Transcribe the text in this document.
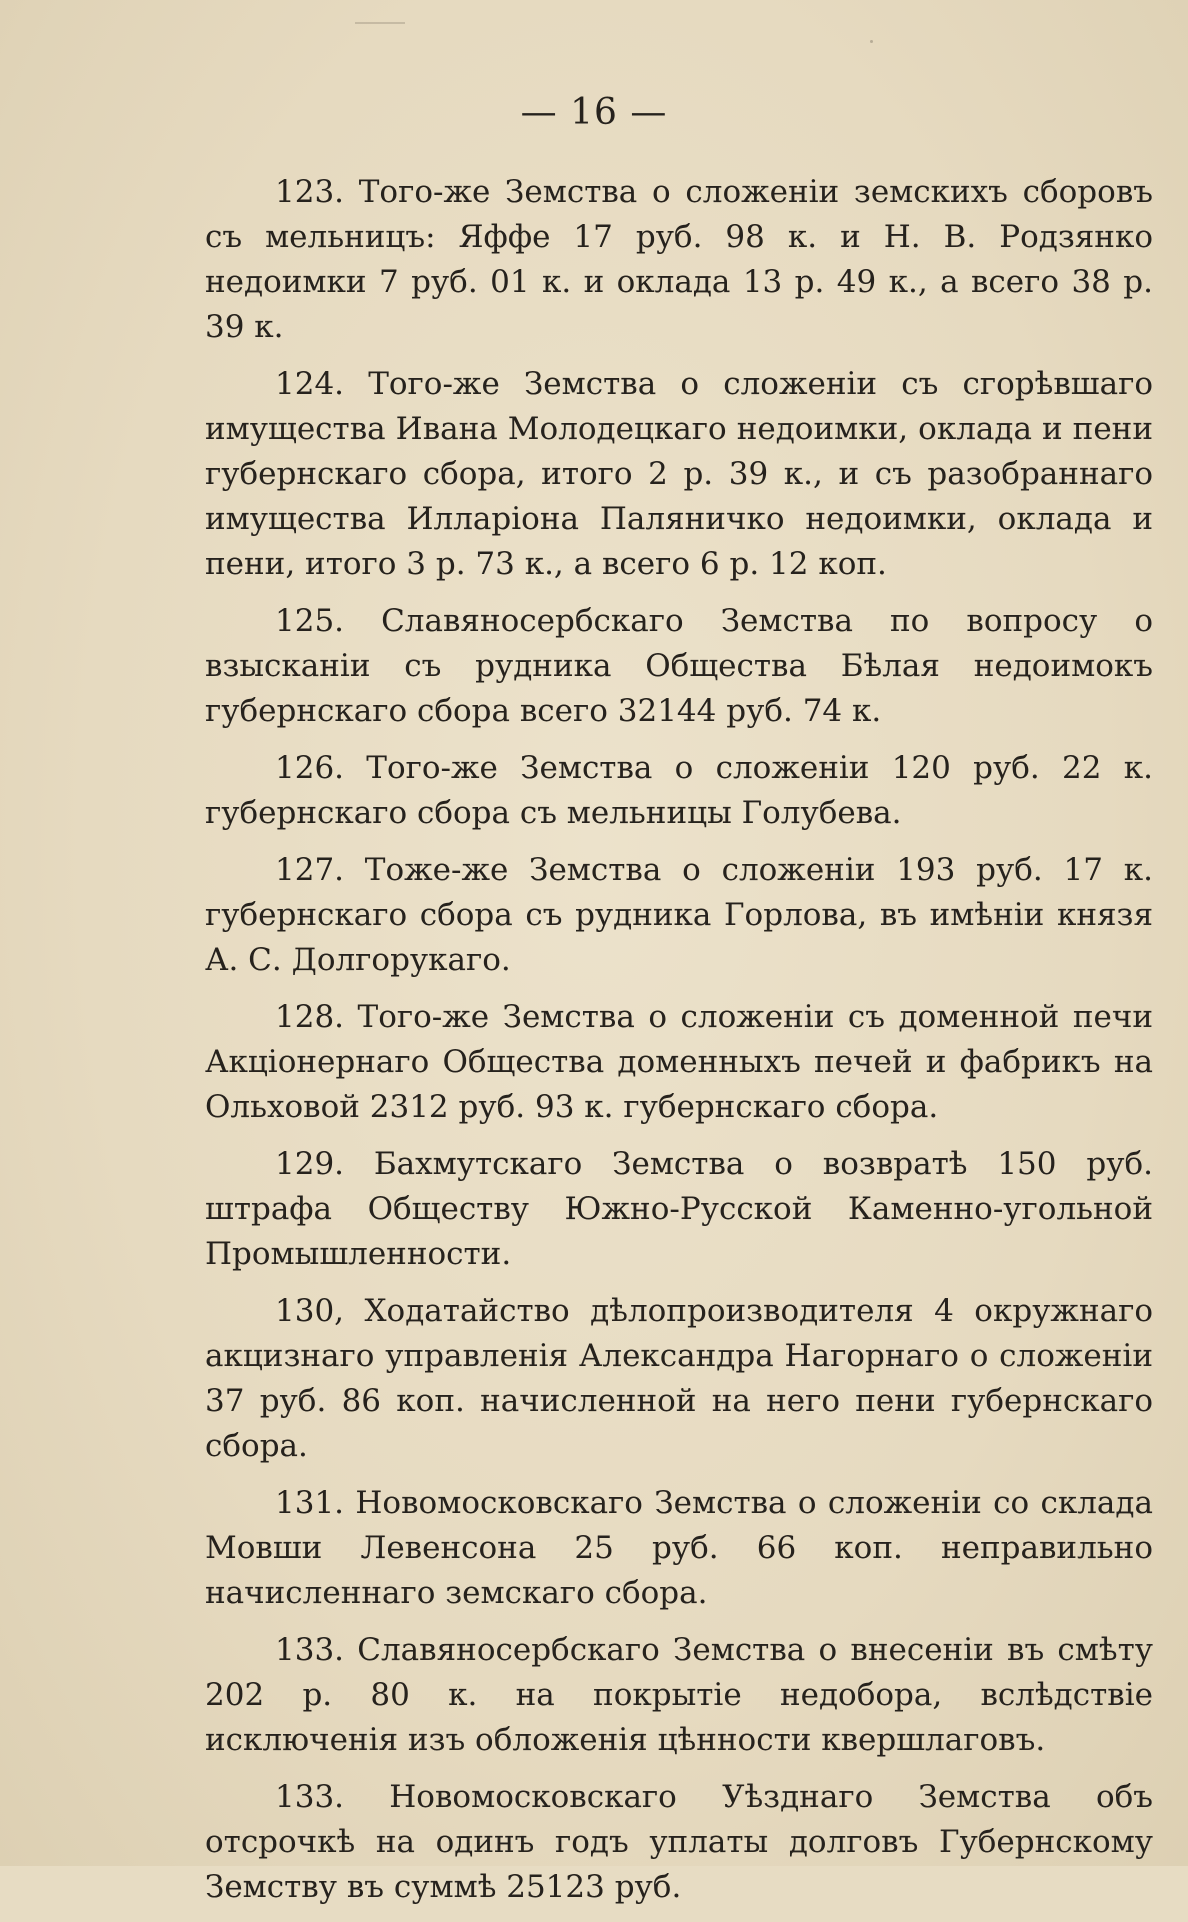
— 16 —

123. Того-же Земства о сложенiи земскихъ сборовъ съ мельницъ: Яффе 17 руб. 98 к. и Н. В. Родзянко недоимки 7 руб. 01 к. и оклада 13 р. 49 к., а всего 38 р. 39 к.

124. Того-же Земства о сложенiи съ сгорѣвшаго имущества Ивана Молодецкаго недоимки, оклада и пени губернскаго сбора, итого 2 р. 39 к., и съ разобраннаго имущества Илларiона Паляничко недоимки, оклада и пени, итого 3 р. 73 к., а всего 6 р. 12 коп.

125. Славяносербскаго Земства по вопросу о взысканiи съ рудника Общества Бѣлая недоимокъ губернскаго сбора всего 32144 руб. 74 к.

126. Того-же Земства о сложенiи 120 руб. 22 к. губернскаго сбора съ мельницы Голубева.

127. Тоже-же Земства о сложенiи 193 руб. 17 к. губернскаго сбора съ рудника Горлова, въ имѣнiи князя А. С. Долгорукаго.

128. Того-же Земства о сложенiи съ доменной печи Акцiонернаго Общества доменныхъ печей и фабрикъ на Ольховой 2312 руб. 93 к. губернскаго сбора.

129. Бахмутскаго Земства о возвратѣ 150 руб. штрафа Обществу Южно-Русской Каменно-угольной Промышленности.

130, Ходатайство дѣлопроизводителя 4 окружнаго акцизнаго управленiя Александра Нагорнаго о сложенiи 37 руб. 86 коп. начисленной на него пени губернскаго сбора.

131. Новомосковскаго Земства о сложенiи со склада Мовши Левенсона 25 руб. 66 коп. неправильно начисленнаго земскаго сбора.

133. Славяносербскаго Земства о внесенiи въ смѣту 202 р. 80 к. на покрытiе недобора, вслѣдствiе исключенiя изъ обложенiя цѣнности квершлаговъ.

133. Новомосковскаго Уѣзднаго Земства объ отсрочкѣ на одинъ годъ уплаты долговъ Губернскому Земству въ суммѣ 25123 руб.
